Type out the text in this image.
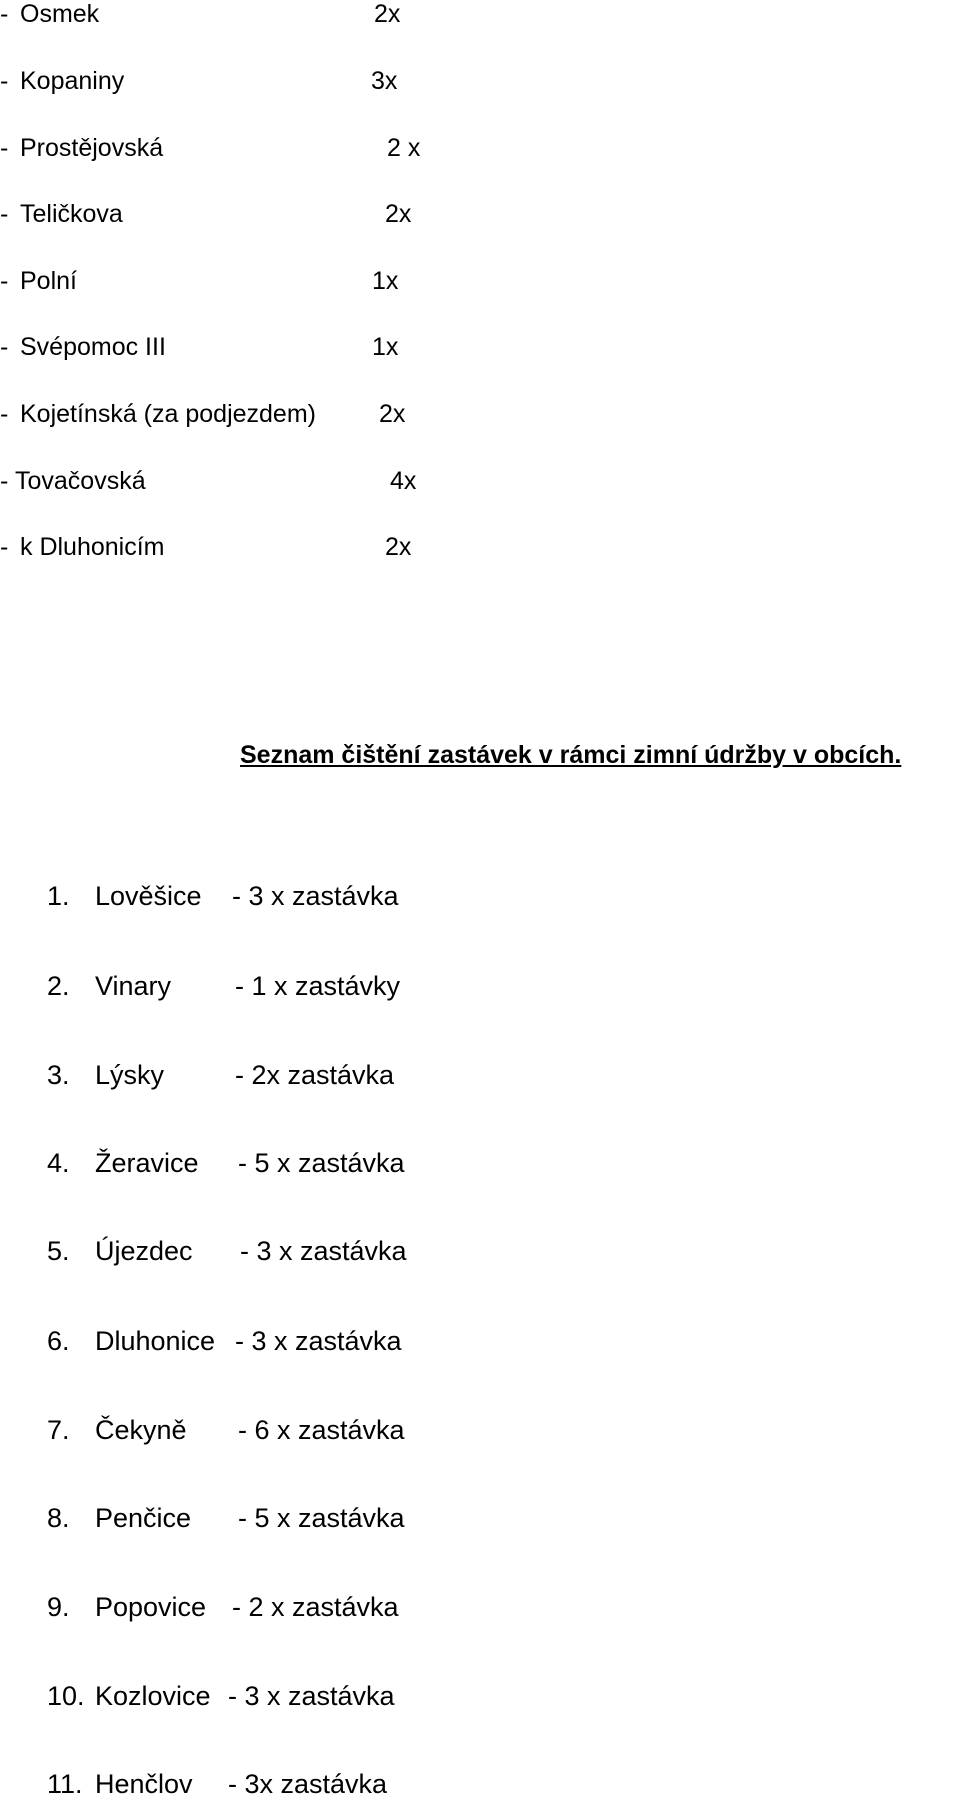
- Osmek	2x
- Kopaniny	3x
- Prostějovská	2 x
- Teličkova	2x
- Polní	1x
- Svépomoc III	1x
- Kojetínská (za podjezdem)	2x
- Tovačovská	4x
- k Dluhonicím	2x
Seznam čištění zastávek v rámci zimní údržby v obcích.
1. Lověšice - 3 x zastávka
2. Vinary - 1 x zastávky
3. Lýsky	- 2x zastávka
4. Žeravice - 5 x zastávka
5. Újezdec - 3 x zastávka
6. Dluhonice - 3 x zastávka
7. Čekyně - 6 x zastávka
8. Penčice - 5 x zastávka
9. Popovice - 2 x zastávka
10. Kozlovice - 3 x zastávka
11. Henčlov - 3x zastávka
